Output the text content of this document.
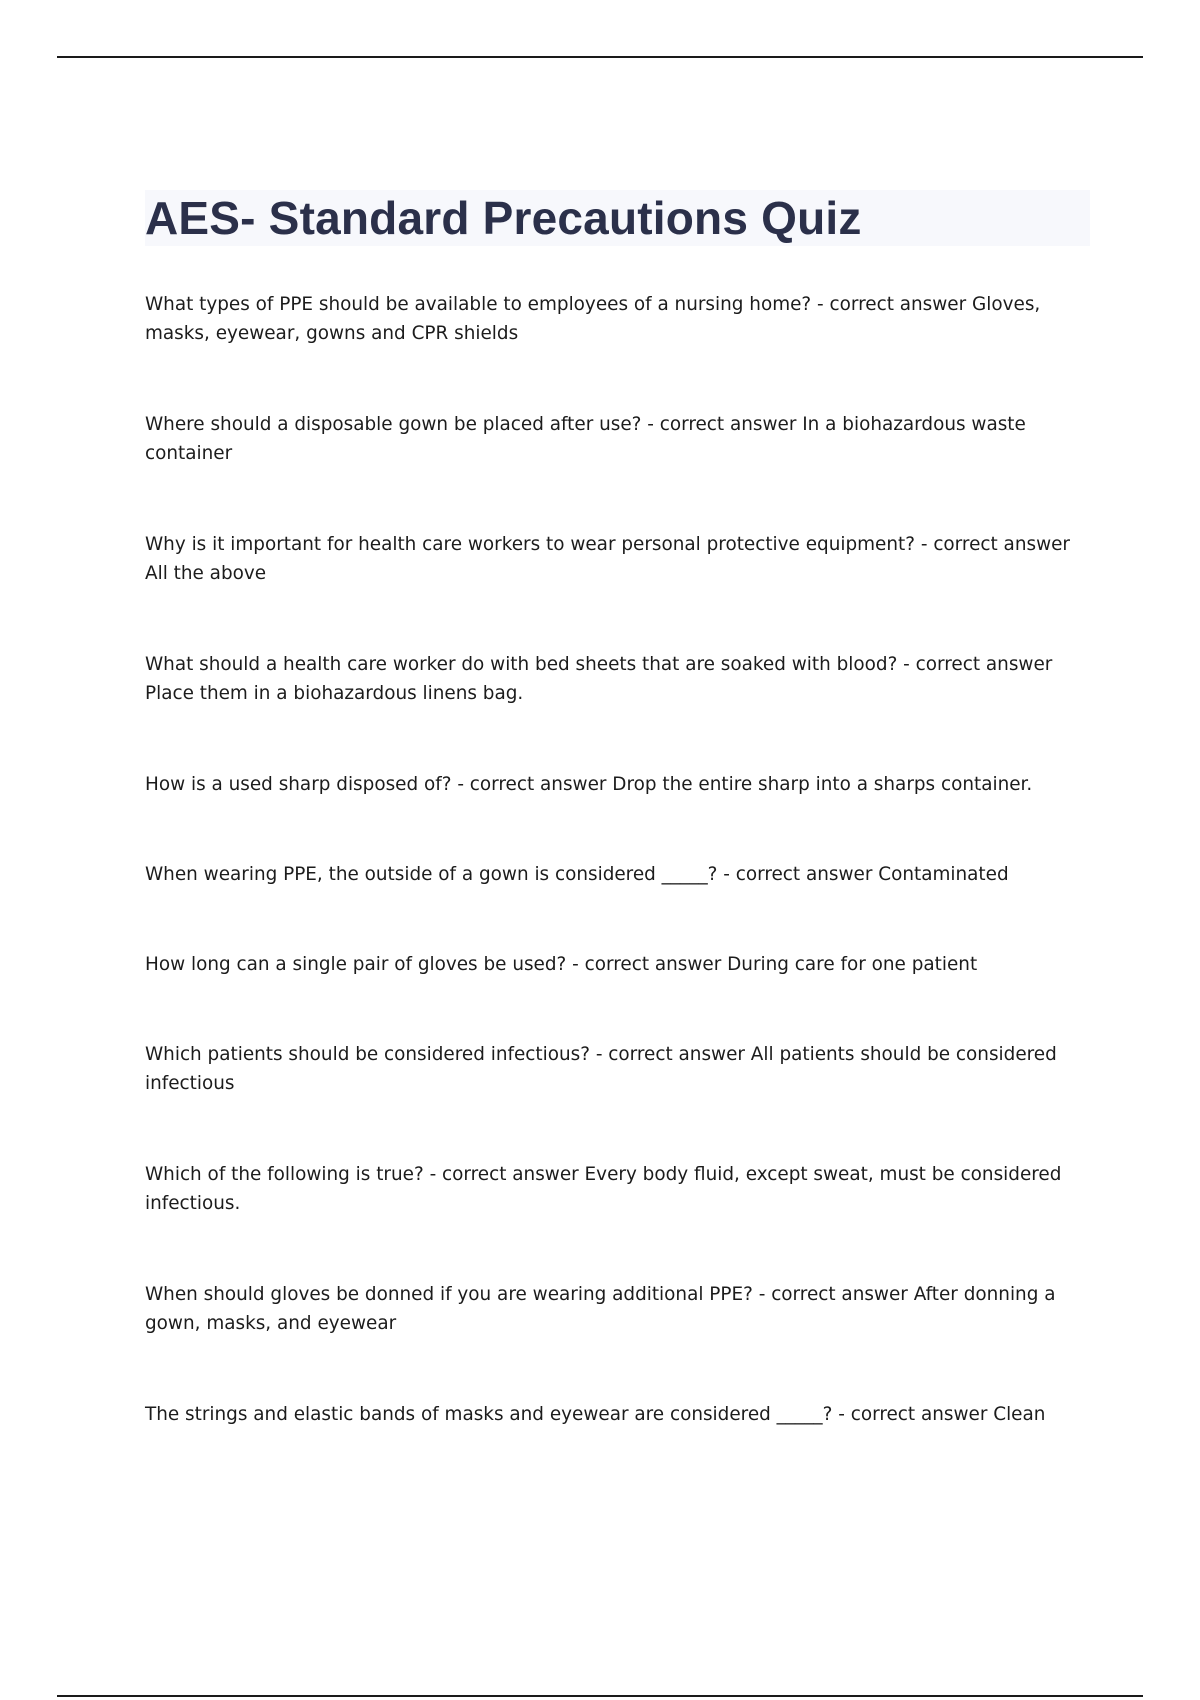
AES- Standard Precautions Quiz

What types of PPE should be available to employees of a nursing home? - correct answer Gloves, masks, eyewear, gowns and CPR shields

Where should a disposable gown be placed after use? - correct answer In a biohazardous waste container

Why is it important for health care workers to wear personal protective equipment? - correct answer All the above

What should a health care worker do with bed sheets that are soaked with blood? - correct answer Place them in a biohazardous linens bag.

How is a used sharp disposed of? - correct answer Drop the entire sharp into a sharps container.

When wearing PPE, the outside of a gown is considered _____? - correct answer Contaminated

How long can a single pair of gloves be used? - correct answer During care for one patient

Which patients should be considered infectious? - correct answer All patients should be considered infectious

Which of the following is true? - correct answer Every body fluid, except sweat, must be considered infectious.

When should gloves be donned if you are wearing additional PPE? - correct answer After donning a gown, masks, and eyewear

The strings and elastic bands of masks and eyewear are considered _____? - correct answer Clean
